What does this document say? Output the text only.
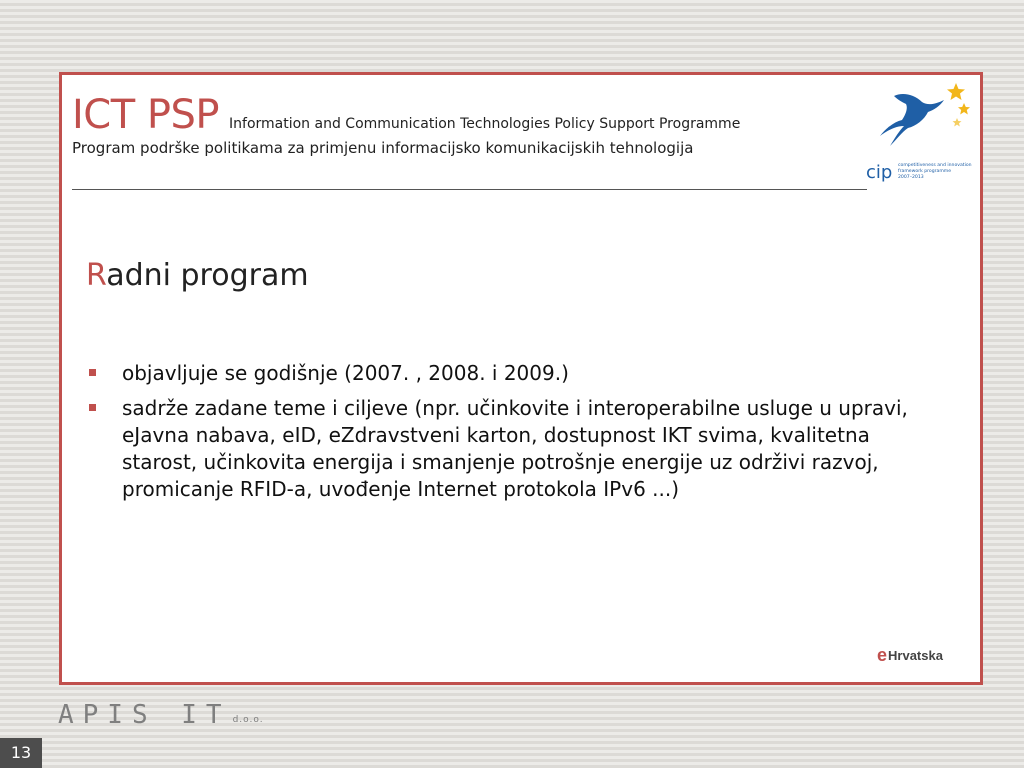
ICT PSP Information and Communication Technologies Policy Support Programme
Program podrške politikama za primjenu informacijsko komunikacijskih tehnologija
cip competitiveness and innovation
framework programme
2007–2013
Radni program
objavljuje se godišnje (2007. , 2008. i 2009.)
sadrže zadane teme i ciljeve (npr. učinkovite i interoperabilne usluge u upravi, eJavna nabava, eID, eZdravstveni karton, dostupnost IKT svima, kvalitetna starost, učinkovita energija i smanjenje potrošnje energije uz održivi razvoj, promicanje RFID-a, uvođenje Internet protokola IPv6 ...)
e Hrvatska
APIS IT d.o.o.
13
